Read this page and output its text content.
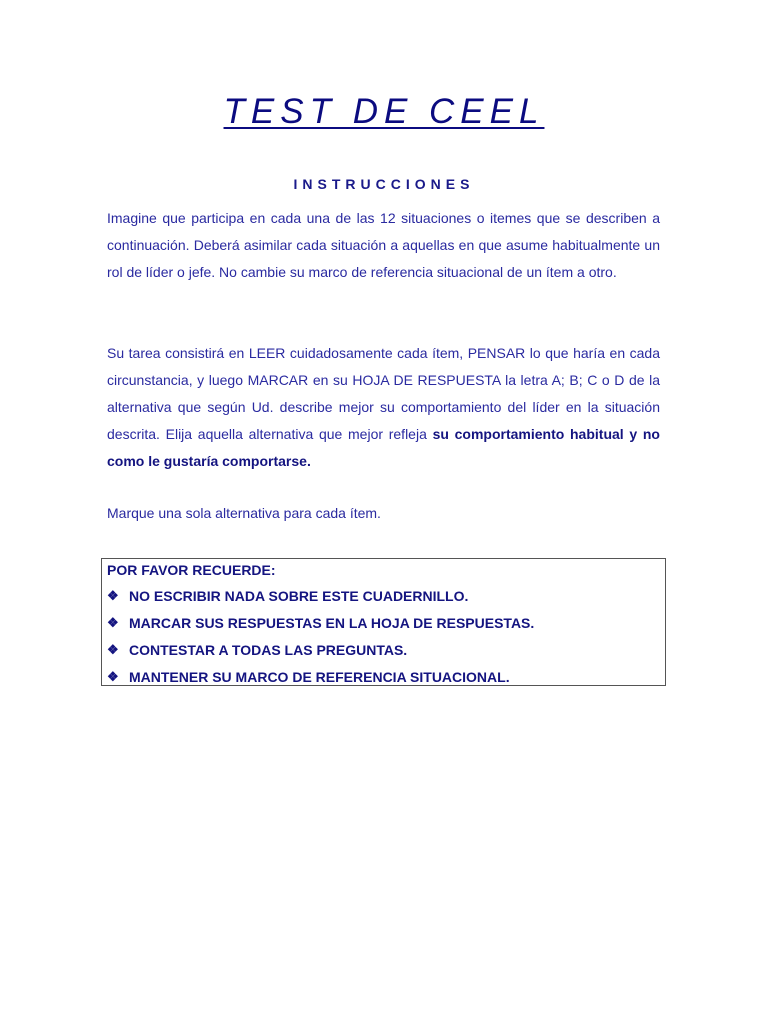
TEST DE CEEL
INSTRUCCIONES

Imagine que participa en cada una de las 12 situaciones o itemes que se describen a continuación. Deberá asimilar cada situación a aquellas en que asume habitualmente un rol de líder o jefe. No cambie su marco de referencia situacional de un ítem a otro.

Su tarea consistirá en LEER cuidadosamente cada ítem, PENSAR lo que haría en cada circunstancia, y luego MARCAR en su HOJA DE RESPUESTA la letra A; B; C o D de la alternativa que según Ud. describe mejor su comportamiento del líder en la situación descrita. Elija aquella alternativa que mejor refleja su comportamiento habitual y no como le gustaría comportarse.

Marque una sola alternativa para cada ítem.

POR FAVOR RECUERDE:
❖ NO ESCRIBIR NADA SOBRE ESTE CUADERNILLO.
❖ MARCAR SUS RESPUESTAS EN LA HOJA DE RESPUESTAS.
❖ CONTESTAR A TODAS LAS PREGUNTAS.
❖ MANTENER SU MARCO DE REFERENCIA SITUACIONAL.
